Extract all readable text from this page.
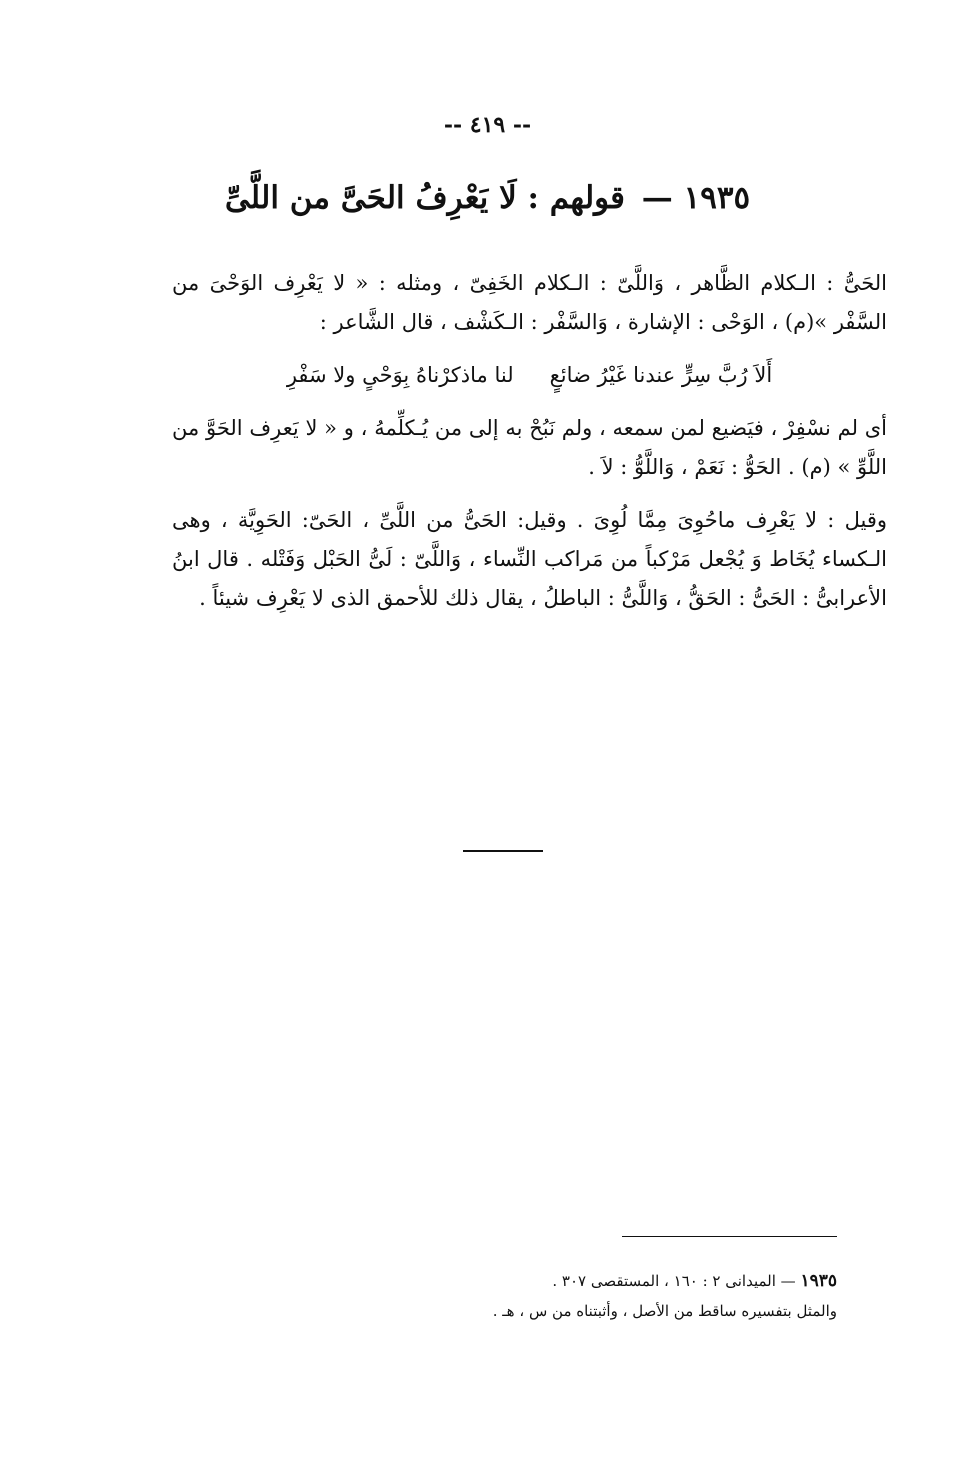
-- ٤١٩ --
١٩٣٥ — قولهم : لَا يَعْرِفُ الحَىَّ من اللَّىِّ

الحَىُّ : الـكلام الظَّاهر ، وَاللَّىّ : الـكلام الخَفِىّ ، ومثله : « لا يَعْرِف الوَحْىَ من السَّفْر »(م) ، الوَحْى : الإشارة ، وَالسَّفْر : الـكَشْف ، قال الشَّاعر :

أَلاَ رُبَّ سِرٍّ عندنا غَيْرُ ضائعٍ
لنا ماذكرْناهُ بِوَحْىٍ ولا سَفْرِ

أى لم نسْفِرْ ، فيَضيع لمن سمعه ، ولم نَبُحْ به إلى من يُـكلِّمهُ ، و « لا يَعرِف الحَوَّ من اللَّوِّ » (م) . الحَوُّ : نَعَمْ ، وَاللَّوُّ : لاَ .

وقيل : لا يَعْرِف ماحُوِىَ مِمَّا لُوِىَ . وقيل: الحَىُّ من اللَّىِّ ، الحَىّ: الحَوِيَّة ، وهى الـكساء يُخَاط وَ يُجْعل مَرْكباً من مَراكب النِّساء ، وَاللَّىّ : لَىُّ الحَبْل وَفَتْله . قال ابنُ الأعرابىُّ : الحَىُّ : الحَقُّ ، وَاللَّىُّ : الباطلُ ، يقال ذلك للأحمق الذى لا يَعْرِف شيئاً .

١٩٣٥ — الميدانى ٢ : ١٦٠ ، المستقصى ٣٠٧ .

والمثل بتفسيره ساقط من الأصل ، وأثبتناه من س ، هـ .
